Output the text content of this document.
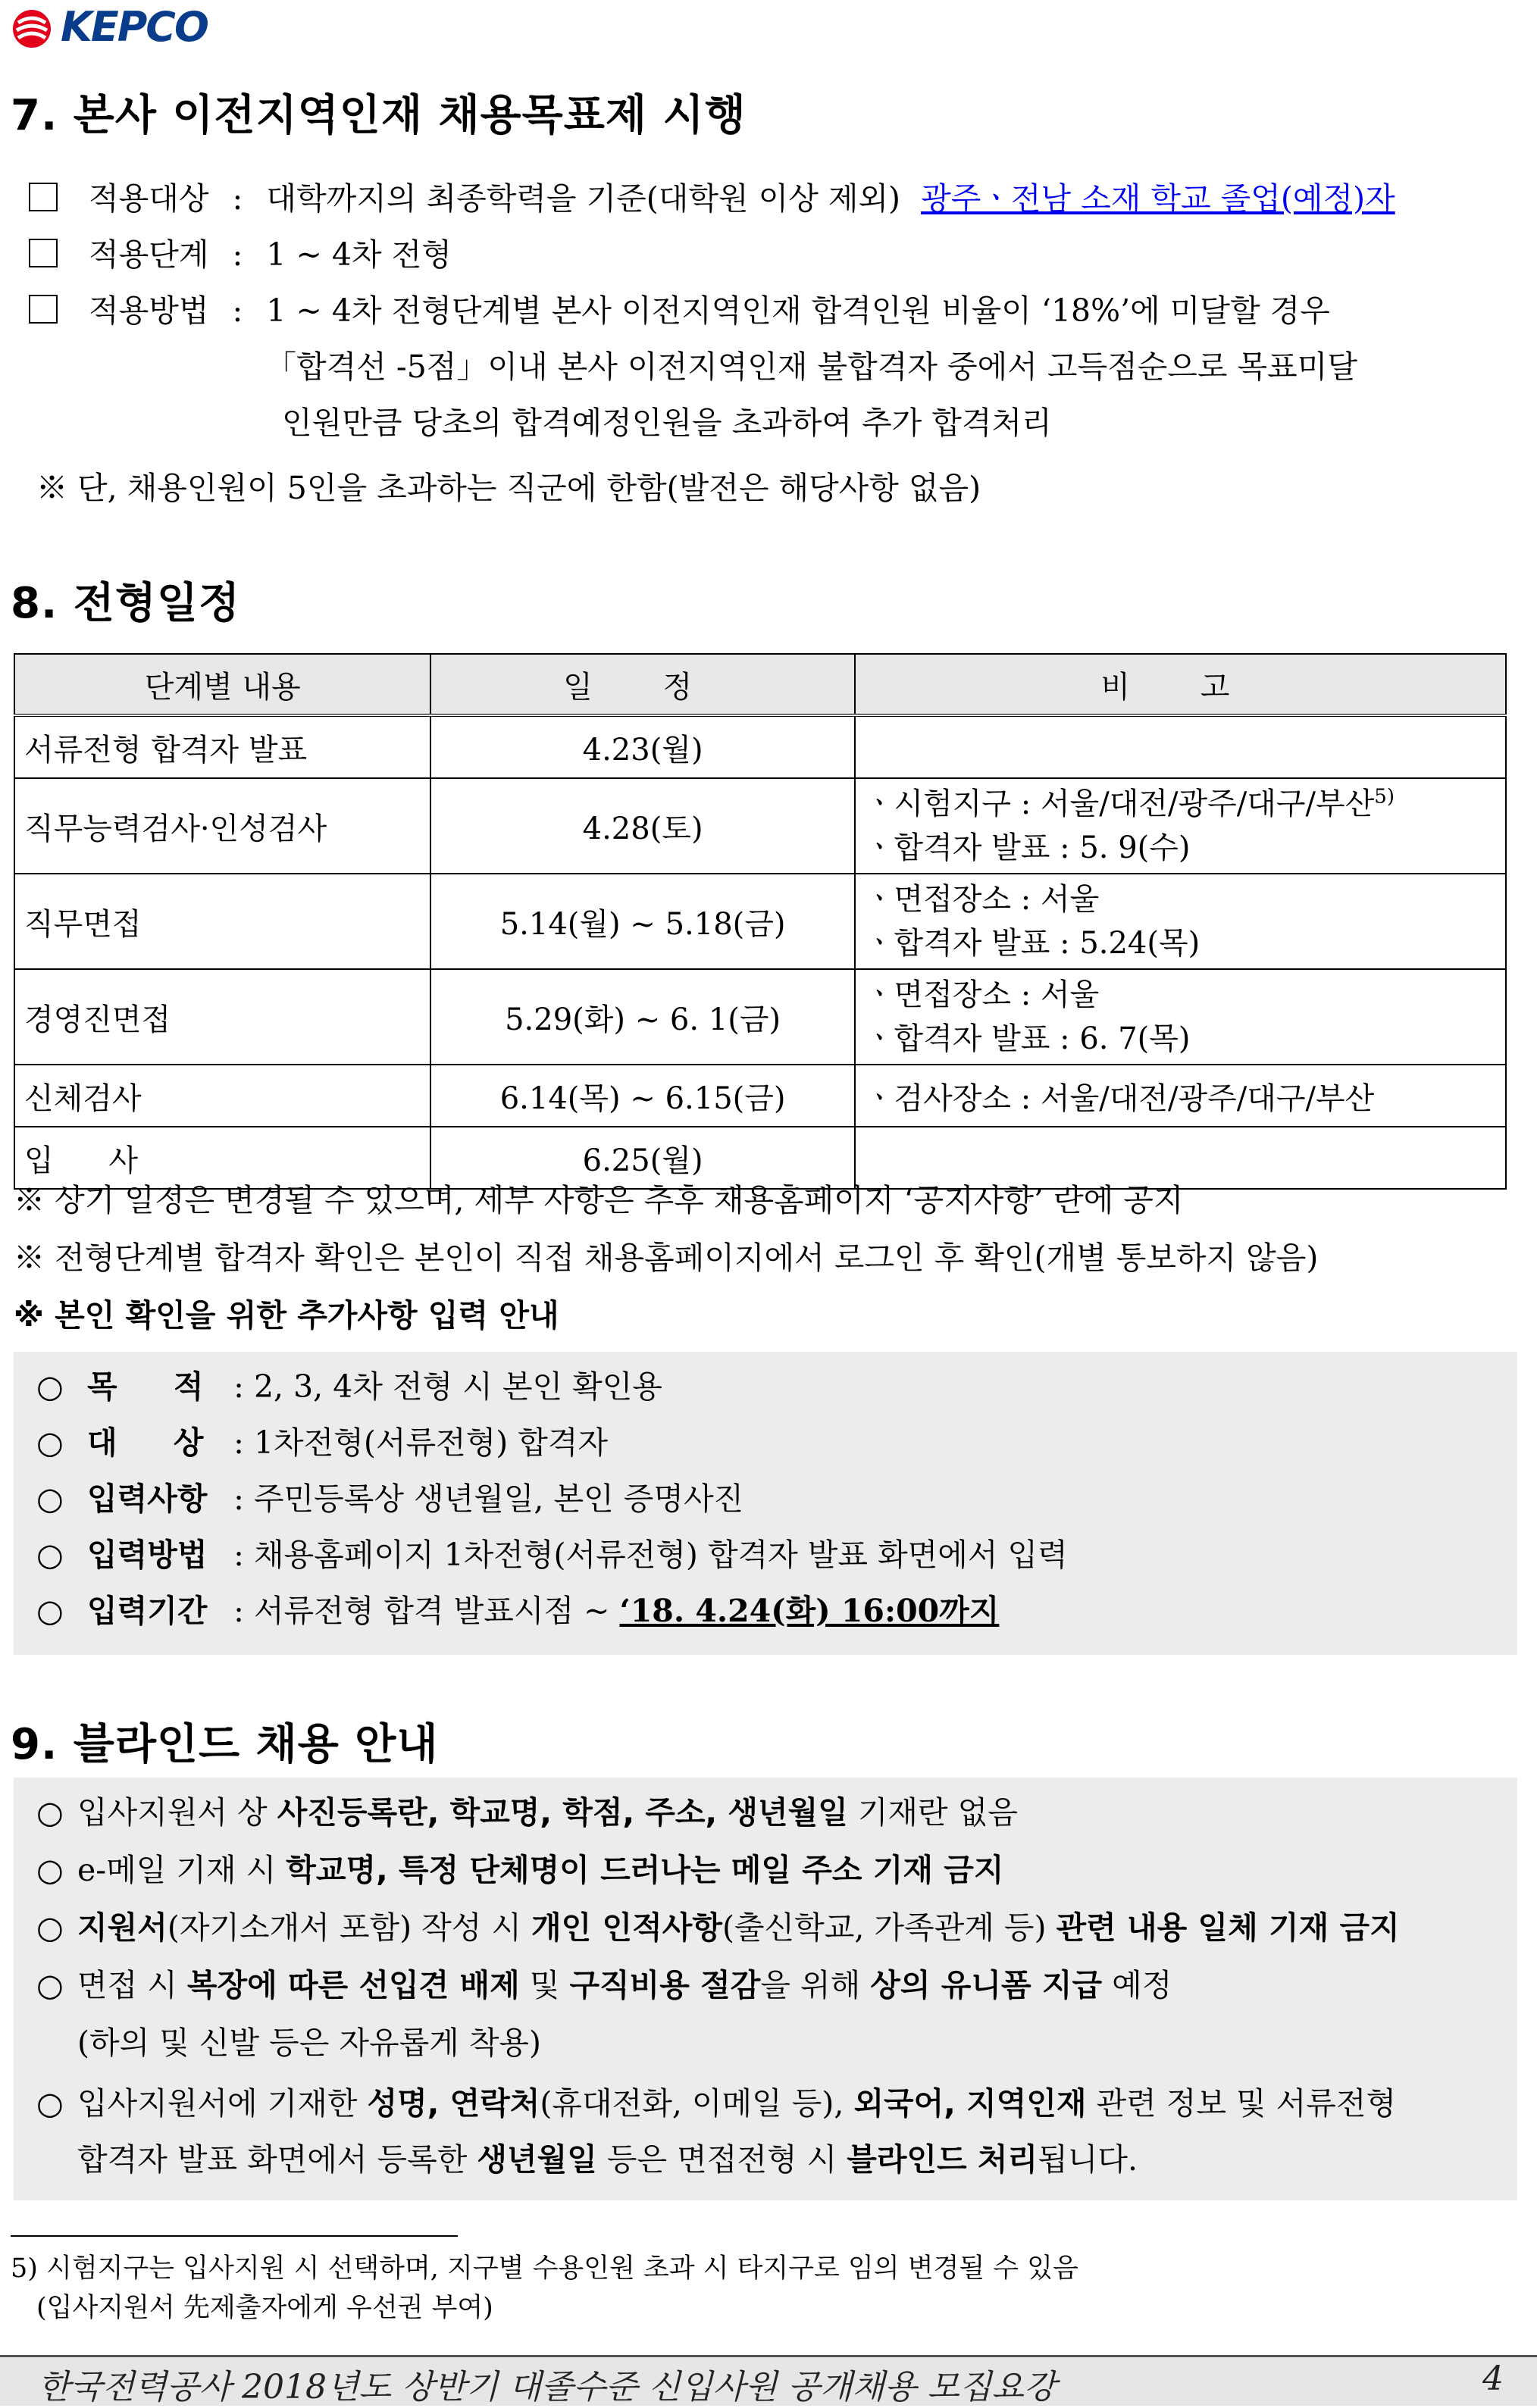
KEPCO
7. 본사 이전지역인재 채용목표제 시행
적용대상 : 대학까지의 최종학력을 기준(대학원 이상 제외) 광주ㆍ전남 소재 학교 졸업(예정)자
적용단계 : 1 ~ 4차 전형
적용방법 : 1 ~ 4차 전형단계별 본사 이전지역인재 합격인원 비율이 ‘18%’에 미달할 경우
「합격선 -5점」이내 본사 이전지역인재 불합격자 중에서 고득점순으로 목표미달
인원만큼 당초의 합격예정인원을 초과하여 추가 합격처리
※ 단, 채용인원이 5인을 초과하는 직군에 한함(발전은 해당사항 없음)
8. 전형일정
단계별 내용	일 정	비 고
서류전형 합격자 발표	4.23(월)	
직무능력검사·인성검사	4.28(토)	ㆍ시험지구 : 서울/대전/광주/대구/부산$^{5)}$
ㆍ합격자 발표 : 5. 9(수)

직무면접	5.14(월) ~ 5.18(금)	ㆍ면접장소 : 서울
ㆍ합격자 발표 : 5.24(목)

경영진면접	5.29(화) ~ 6. 1(금)	ㆍ면접장소 : 서울
ㆍ합격자 발표 : 6. 7(목)

신체검사	6.14(목) ~ 6.15(금)	ㆍ검사장소 : 서울/대전/광주/대구/부산
입 사	6.25(월)	
※ 상기 일정은 변경될 수 있으며, 세부 사항은 추후 채용홈페이지 ‘공지사항’ 란에 공지
※ 전형단계별 합격자 확인은 본인이 직접 채용홈페이지에서 로그인 후 확인(개별 통보하지 않음)
※ 본인 확인을 위한 추가사항 입력 안내
○ 목 적 : 2, 3, 4차 전형 시 본인 확인용
○ 대 상 : 1차전형(서류전형) 합격자
○ 입력사항 : 주민등록상 생년월일, 본인 증명사진
○ 입력방법 : 채용홈페이지 1차전형(서류전형) 합격자 발표 화면에서 입력
○ 입력기간 : 서류전형 합격 발표시점 ~ ‘18. 4.24(화) 16:00까지
9. 블라인드 채용 안내
○ 입사지원서 상 사진등록란, 학교명, 학점, 주소, 생년월일 기재란 없음
○ e-메일 기재 시 학교명, 특정 단체명이 드러나는 메일 주소 기재 금지
○ 지원서(자기소개서 포함) 작성 시 개인 인적사항(출신학교, 가족관계 등) 관련 내용 일체 기재 금지
○ 면접 시 복장에 따른 선입견 배제 및 구직비용 절감을 위해 상의 유니폼 지급 예정
(하의 및 신발 등은 자유롭게 착용)
○ 입사지원서에 기재한 성명, 연락처(휴대전화, 이메일 등), 외국어, 지역인재 관련 정보 및 서류전형
합격자 발표 화면에서 등록한 생년월일 등은 면접전형 시 블라인드 처리됩니다.
5) 시험지구는 입사지원 시 선택하며, 지구별 수용인원 초과 시 타지구로 임의 변경될 수 있음
(입사지원서 先제출자에게 우선권 부여)
한국전력공사 2018년도 상반기 대졸수준 신입사원 공개채용 모집요강	4
